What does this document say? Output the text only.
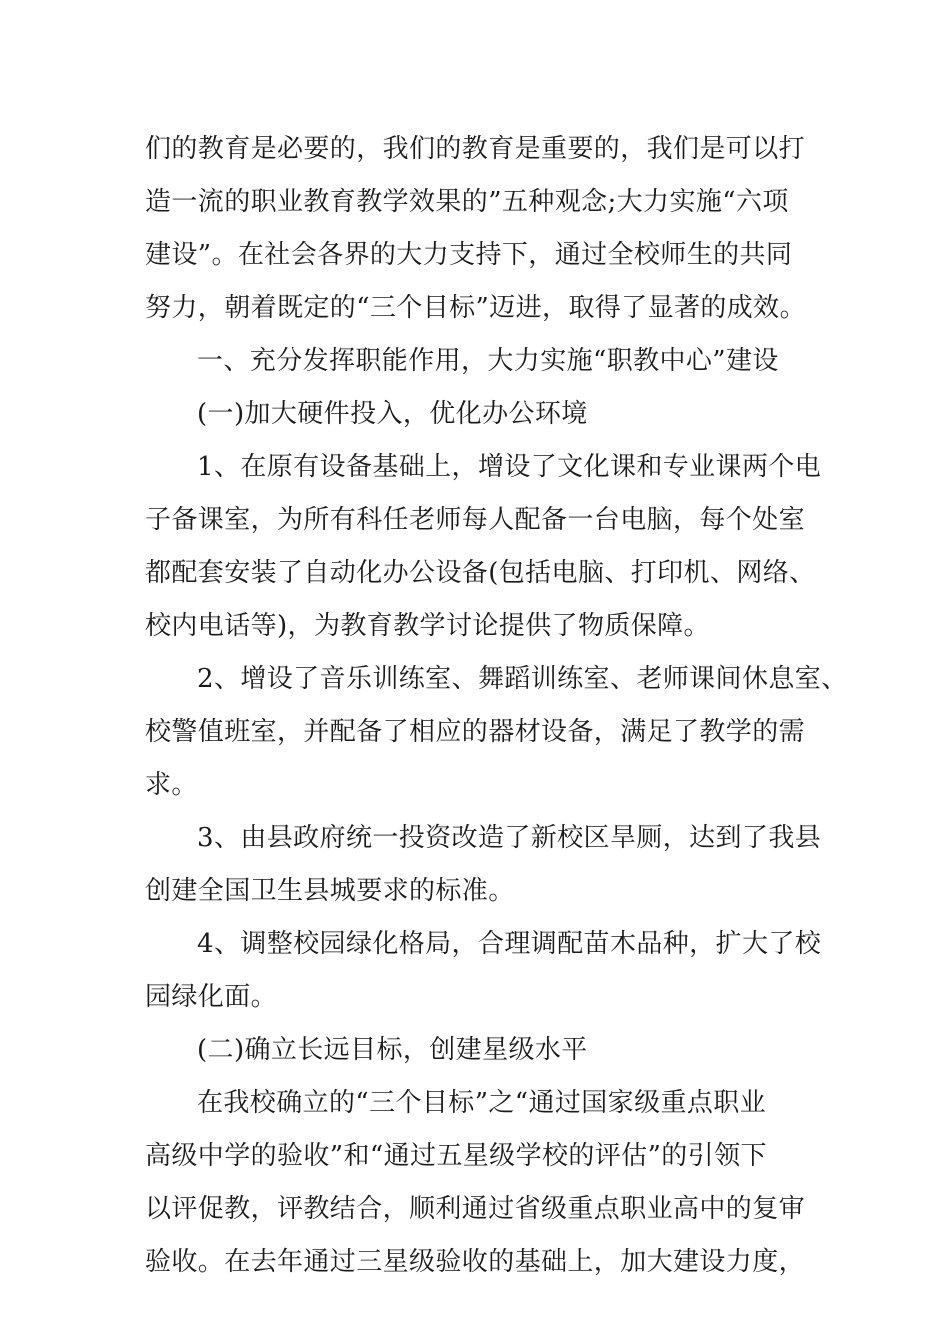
们的教育是必要的，我们的教育是重要的，我们是可以打
造一流的职业教育教学效果的”五种观念;大力实施“六项
建设”。在社会各界的大力支持下，通过全校师生的共同
努力，朝着既定的“三个目标”迈进，取得了显著的成效。
一、充分发挥职能作用，大力实施“职教中心”建设
(一)加大硬件投入，优化办公环境
1、在原有设备基础上，增设了文化课和专业课两个电
子备课室，为所有科任老师每人配备一台电脑，每个处室
都配套安装了自动化办公设备(包括电脑、打印机、网络、
校内电话等)，为教育教学讨论提供了物质保障。
2、增设了音乐训练室、舞蹈训练室、老师课间休息室、
校警值班室，并配备了相应的器材设备，满足了教学的需
求。
3、由县政府统一投资改造了新校区旱厕，达到了我县
创建全国卫生县城要求的标准。
4、调整校园绿化格局，合理调配苗木品种，扩大了校
园绿化面。
(二)确立长远目标，创建星级水平
在我校确立的“三个目标”之“通过国家级重点职业
高级中学的验收”和“通过五星级学校的评估”的引领下
以评促教，评教结合，顺利通过省级重点职业高中的复审
验收。在去年通过三星级验收的基础上，加大建设力度，
